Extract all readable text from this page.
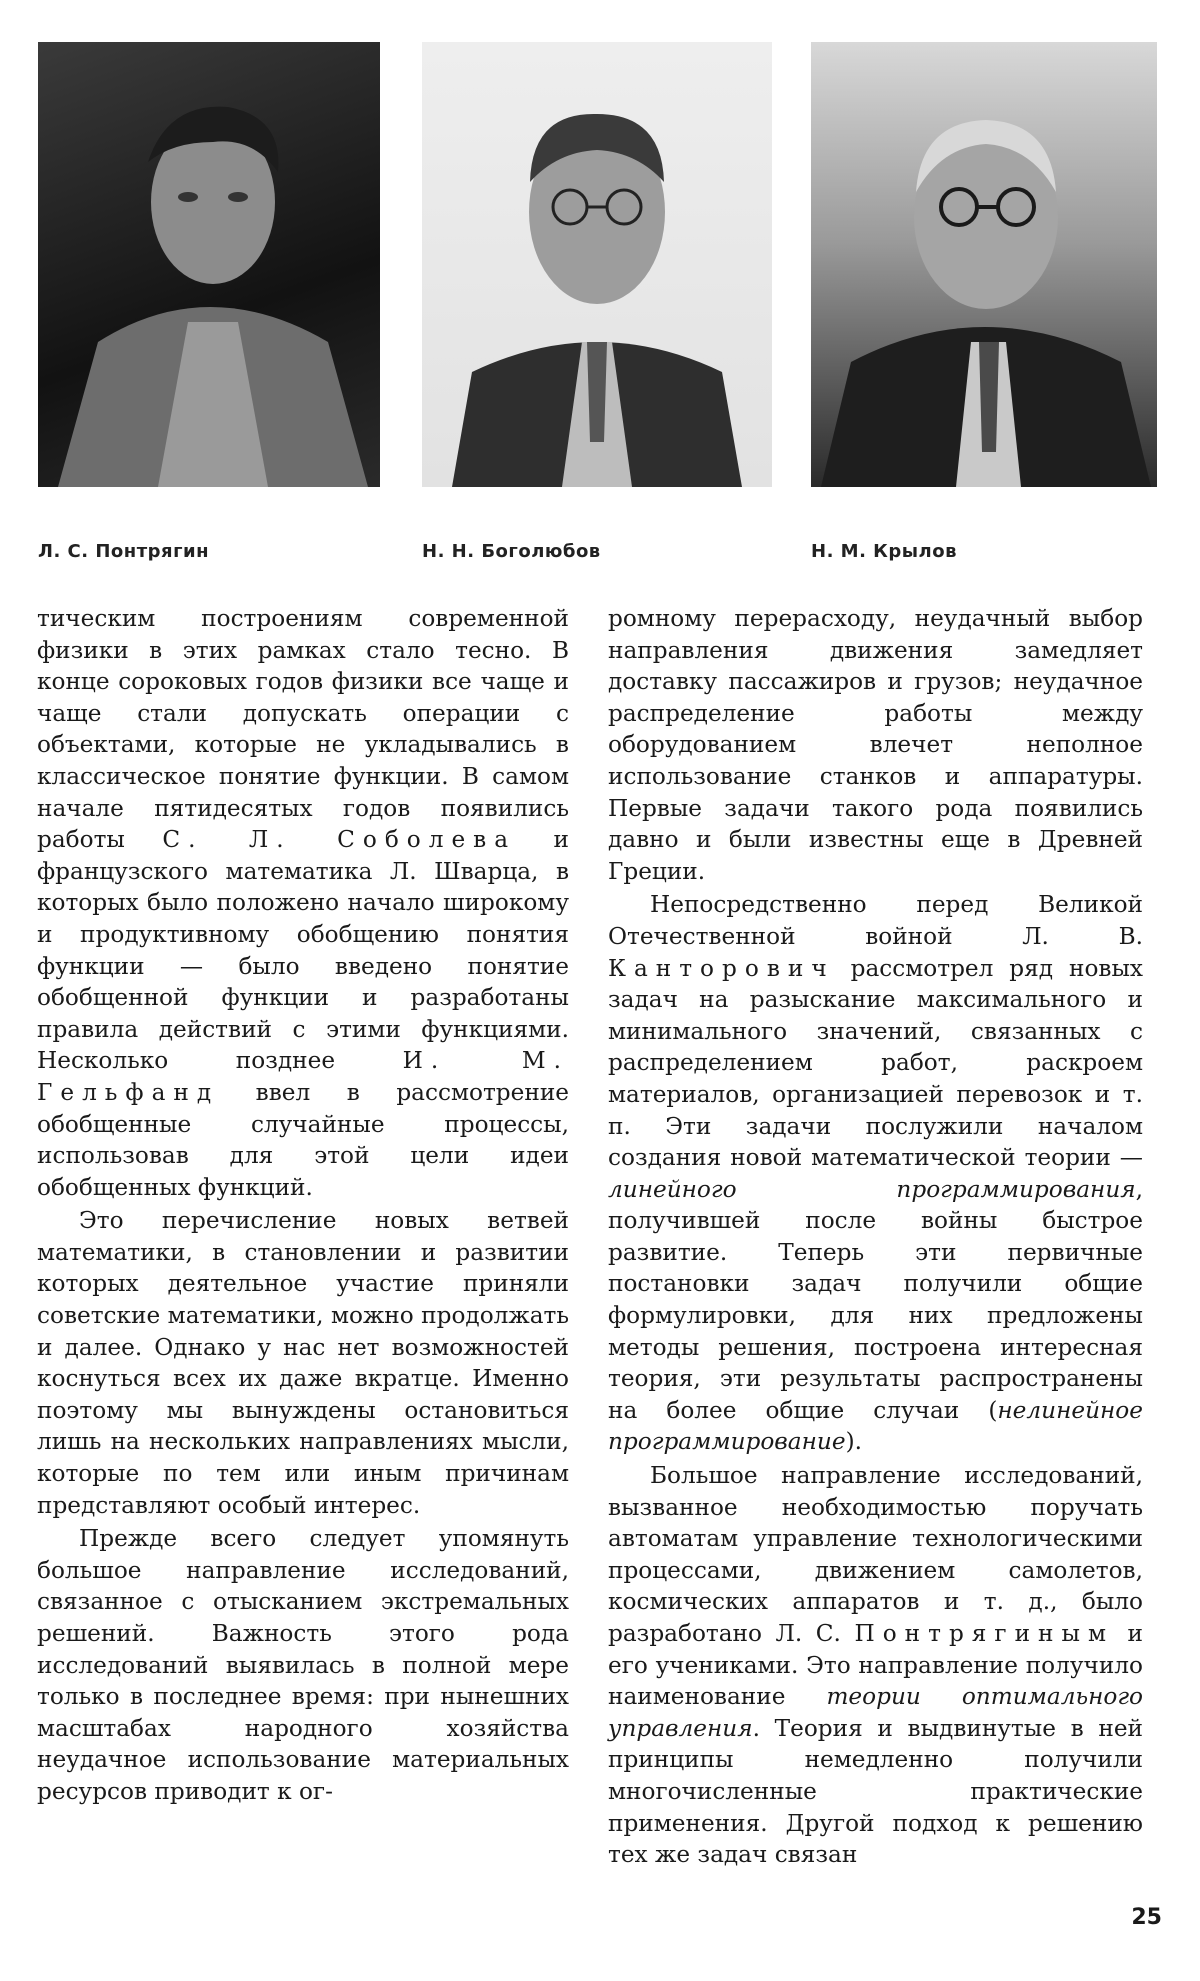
Л. С. Понтрягин	Н. Н. Боголюбов	Н. М. Крылов

тическим построениям современной физики в этих рамках стало тесно. В конце сороковых годов физики все чаще и чаще стали допускать операции с объектами, которые не укладывались в классическое понятие функции. В самом начале пятидесятых годов появились работы С. Л. Соболева и французского математика Л. Шварца, в которых было положено начало широкому и продуктивному обобщению понятия функции — было введено понятие обобщенной функции и разработаны правила действий с этими функциями. Несколько позднее И. М. Гельфанд ввел в рассмотрение обобщенные случайные процессы, использовав для этой цели идеи обобщенных функций.

Это перечисление новых ветвей математики, в становлении и развитии которых деятельное участие приняли советские математики, можно продолжать и далее. Однако у нас нет возможностей коснуться всех их даже вкратце. Именно поэтому мы вынуждены остановиться лишь на нескольких направлениях мысли, которые по тем или иным причинам представляют особый интерес.

Прежде всего следует упомянуть большое направление исследований, связанное с отысканием экстремальных решений. Важность этого рода исследований выявилась в полной мере только в последнее время: при нынешних масштабах народного хозяйства неудачное использование материальных ресурсов приводит к ог-

ромному перерасходу, неудачный выбор направления движения замедляет доставку пассажиров и грузов; неудачное распределение работы между оборудованием влечет неполное использование станков и аппаратуры. Первые задачи такого рода появились давно и были известны еще в Древней Греции.

Непосредственно перед Великой Отечественной войной Л. В. Канторович рассмотрел ряд новых задач на разыскание максимального и минимального значений, связанных с распределением работ, раскроем материалов, организацией перевозок и т. п. Эти задачи послужили началом создания новой математической теории — линейного программирования, получившей после войны быстрое развитие. Теперь эти первичные постановки задач получили общие формулировки, для них предложены методы решения, построена интересная теория, эти результаты распространены на более общие случаи (нелинейное программирование).

Большое направление исследований, вызванное необходимостью поручать автоматам управление технологическими процессами, движением самолетов, космических аппаратов и т. д., было разработано Л. С. Понтрягиным и его учениками. Это направление получило наименование теории оптимального управления. Теория и выдвинутые в ней принципы немедленно получили многочисленные практические применения. Другой подход к решению тех же задач связан

25
